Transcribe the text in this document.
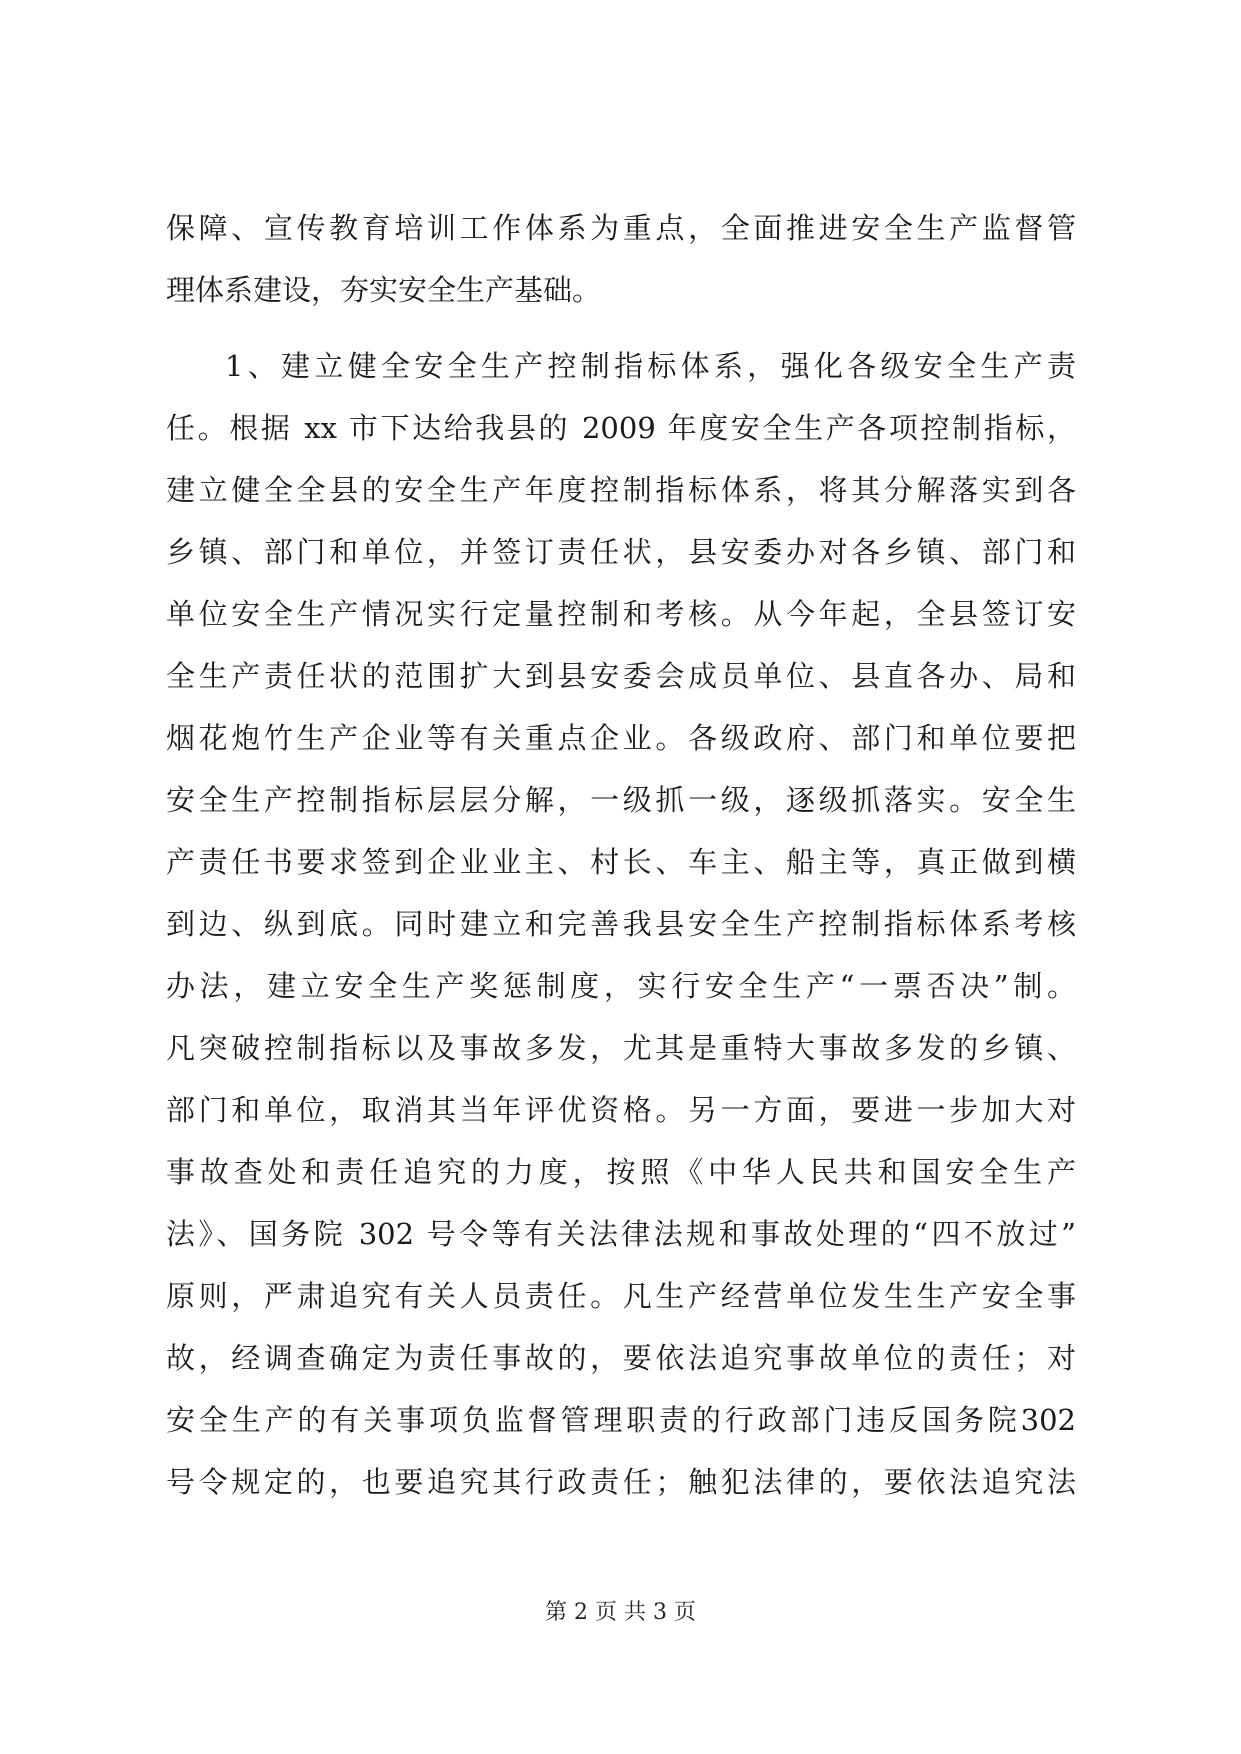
保障、宣传教育培训工作体系为重点，全面推进安全生产监督管
理体系建设，夯实安全生产基础。
1、建立健全安全生产控制指标体系，强化各级安全生产责
任。根据 xx 市下达给我县的 2009 年度安全生产各项控制指标，
建立健全全县的安全生产年度控制指标体系，将其分解落实到各
乡镇、部门和单位，并签订责任状，县安委办对各乡镇、部门和
单位安全生产情况实行定量控制和考核。从今年起，全县签订安
全生产责任状的范围扩大到县安委会成员单位、县直各办、局和
烟花炮竹生产企业等有关重点企业。各级政府、部门和单位要把
安全生产控制指标层层分解，一级抓一级，逐级抓落实。安全生
产责任书要求签到企业业主、村长、车主、船主等，真正做到横
到边、纵到底。同时建立和完善我县安全生产控制指标体系考核
办法，建立安全生产奖惩制度，实行安全生产“一票否决”制。
凡突破控制指标以及事故多发，尤其是重特大事故多发的乡镇、
部门和单位，取消其当年评优资格。另一方面，要进一步加大对
事故查处和责任追究的力度，按照《中华人民共和国安全生产
法》、国务院 302 号令等有关法律法规和事故处理的“四不放过”
原则，严肃追究有关人员责任。凡生产经营单位发生生产安全事
故，经调查确定为责任事故的，要依法追究事故单位的责任；对
安全生产的有关事项负监督管理职责的行政部门违反国务院302
号令规定的，也要追究其行政责任；触犯法律的，要依法追究法
第 2 页 共 3 页
